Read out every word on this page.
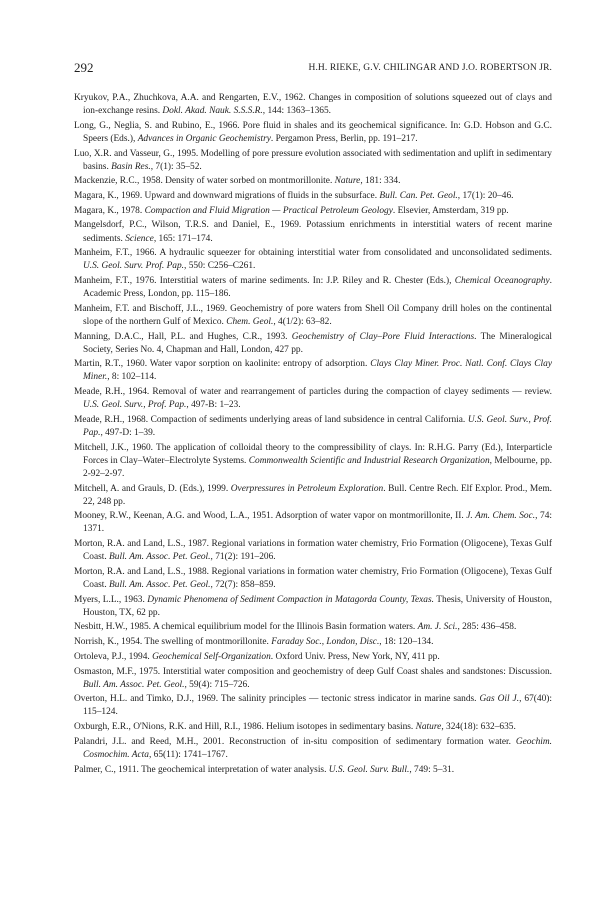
292	H.H. RIEKE, G.V. CHILINGAR AND J.O. ROBERTSON JR.

Kryukov, P.A., Zhuchkova, A.A. and Rengarten, E.V., 1962. Changes in composition of solutions squeezed out of clays and ion-exchange resins. Dokl. Akad. Nauk. S.S.S.R., 144: 1363–1365.

Long, G., Neglia, S. and Rubino, E., 1966. Pore fluid in shales and its geochemical significance. In: G.D. Hobson and G.C. Speers (Eds.), Advances in Organic Geochemistry. Pergamon Press, Berlin, pp. 191–217.

Luo, X.R. and Vasseur, G., 1995. Modelling of pore pressure evolution associated with sedimentation and uplift in sedimentary basins. Basin Res., 7(1): 35–52.

Mackenzie, R.C., 1958. Density of water sorbed on montmorillonite. Nature, 181: 334.

Magara, K., 1969. Upward and downward migrations of fluids in the subsurface. Bull. Can. Pet. Geol., 17(1): 20–46.

Magara, K., 1978. Compaction and Fluid Migration — Practical Petroleum Geology. Elsevier, Amsterdam, 319 pp.

Mangelsdorf, P.C., Wilson, T.R.S. and Daniel, E., 1969. Potassium enrichments in interstitial waters of recent marine sediments. Science, 165: 171–174.

Manheim, F.T., 1966. A hydraulic squeezer for obtaining interstitial water from consolidated and unconsolidated sediments. U.S. Geol. Surv. Prof. Pap., 550: C256–C261.

Manheim, F.T., 1976. Interstitial waters of marine sediments. In: J.P. Riley and R. Chester (Eds.), Chemical Oceanography. Academic Press, London, pp. 115–186.

Manheim, F.T. and Bischoff, J.L., 1969. Geochemistry of pore waters from Shell Oil Company drill holes on the continental slope of the northern Gulf of Mexico. Chem. Geol., 4(1/2): 63–82.

Manning, D.A.C., Hall, P.L. and Hughes, C.R., 1993. Geochemistry of Clay–Pore Fluid Interactions. The Mineralogical Society, Series No. 4, Chapman and Hall, London, 427 pp.

Martin, R.T., 1960. Water vapor sorption on kaolinite: entropy of adsorption. Clays Clay Miner. Proc. Natl. Conf. Clays Clay Miner., 8: 102–114.

Meade, R.H., 1964. Removal of water and rearrangement of particles during the compaction of clayey sediments — review. U.S. Geol. Surv., Prof. Pap., 497-B: 1–23.

Meade, R.H., 1968. Compaction of sediments underlying areas of land subsidence in central California. U.S. Geol. Surv., Prof. Pap., 497-D: 1–39.

Mitchell, J.K., 1960. The application of colloidal theory to the compressibility of clays. In: R.H.G. Parry (Ed.), Interparticle Forces in Clay–Water–Electrolyte Systems. Commonwealth Scientific and Industrial Research Organization, Melbourne, pp. 2-92–2-97.

Mitchell, A. and Grauls, D. (Eds.), 1999. Overpressures in Petroleum Exploration. Bull. Centre Rech. Elf Explor. Prod., Mem. 22, 248 pp.

Mooney, R.W., Keenan, A.G. and Wood, L.A., 1951. Adsorption of water vapor on montmorillonite, II. J. Am. Chem. Soc., 74: 1371.

Morton, R.A. and Land, L.S., 1987. Regional variations in formation water chemistry, Frio Formation (Oligocene), Texas Gulf Coast. Bull. Am. Assoc. Pet. Geol., 71(2): 191–206.

Morton, R.A. and Land, L.S., 1988. Regional variations in formation water chemistry, Frio Formation (Oligocene), Texas Gulf Coast. Bull. Am. Assoc. Pet. Geol., 72(7): 858–859.

Myers, L.L., 1963. Dynamic Phenomena of Sediment Compaction in Matagorda County, Texas. Thesis, University of Houston, Houston, TX, 62 pp.

Nesbitt, H.W., 1985. A chemical equilibrium model for the Illinois Basin formation waters. Am. J. Sci., 285: 436–458.

Norrish, K., 1954. The swelling of montmorillonite. Faraday Soc., London, Disc., 18: 120–134.

Ortoleva, P.J., 1994. Geochemical Self-Organization. Oxford Univ. Press, New York, NY, 411 pp.

Osmaston, M.F., 1975. Interstitial water composition and geochemistry of deep Gulf Coast shales and sandstones: Discussion. Bull. Am. Assoc. Pet. Geol., 59(4): 715–726.

Overton, H.L. and Timko, D.J., 1969. The salinity principles — tectonic stress indicator in marine sands. Gas Oil J., 67(40): 115–124.

Oxburgh, E.R., O'Nions, R.K. and Hill, R.I., 1986. Helium isotopes in sedimentary basins. Nature, 324(18): 632–635.

Palandri, J.L. and Reed, M.H., 2001. Reconstruction of in-situ composition of sedimentary formation water. Geochim. Cosmochim. Acta, 65(11): 1741–1767.

Palmer, C., 1911. The geochemical interpretation of water analysis. U.S. Geol. Surv. Bull., 749: 5–31.
